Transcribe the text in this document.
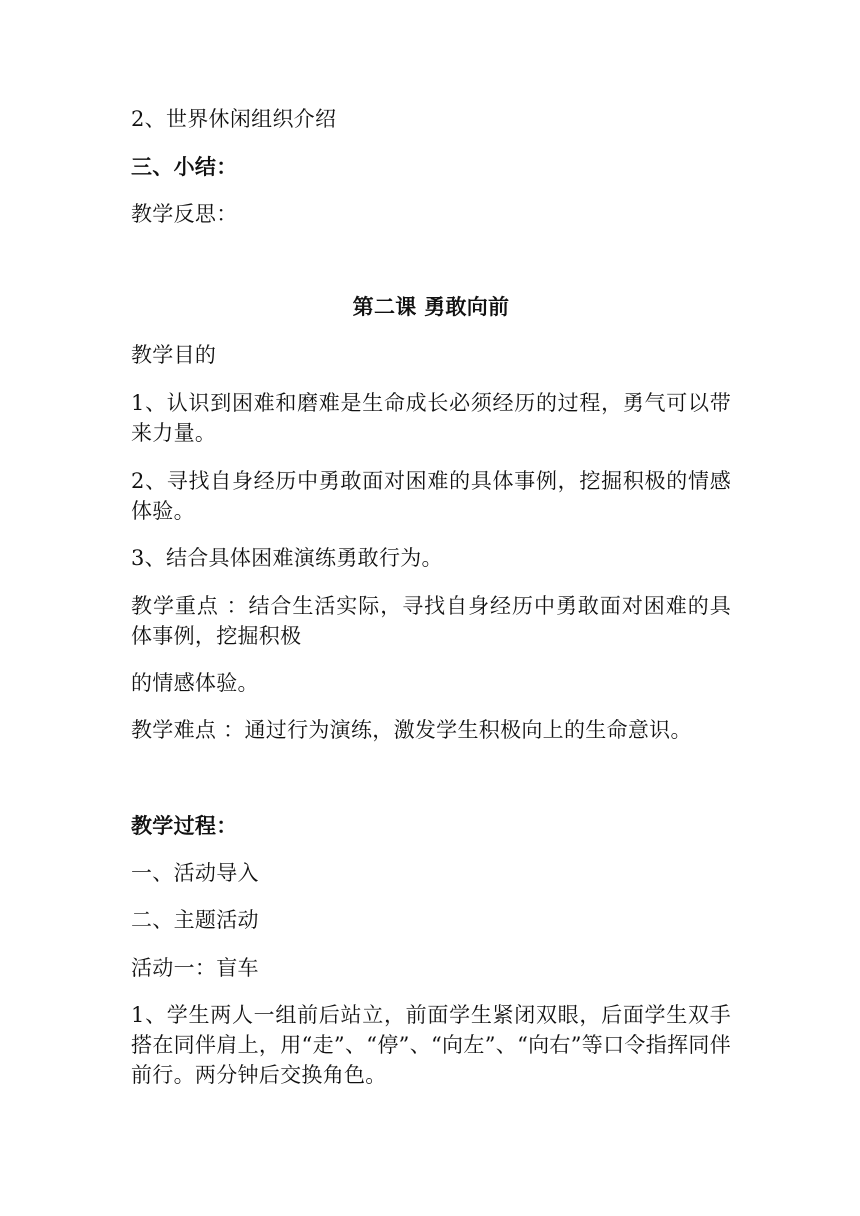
2、世界休闲组织介绍

三、小结：

教学反思：

第二课 勇敢向前

教学目的

1、认识到困难和磨难是生命成长必须经历的过程，勇气可以带来力量。

2、寻找自身经历中勇敢面对困难的具体事例，挖掘积极的情感体验。

3、结合具体困难演练勇敢行为。

教学重点 ：结合生活实际，寻找自身经历中勇敢面对困难的具体事例，挖掘积极

的情感体验。

教学难点 ：通过行为演练，激发学生积极向上的生命意识。

教学过程：

一、活动导入

二、主题活动

活动一：盲车

1、学生两人一组前后站立，前面学生紧闭双眼，后面学生双手搭在同伴肩上，用“走”、“停”、“向左”、“向右”等口令指挥同伴前行。两分钟后交换角色。
